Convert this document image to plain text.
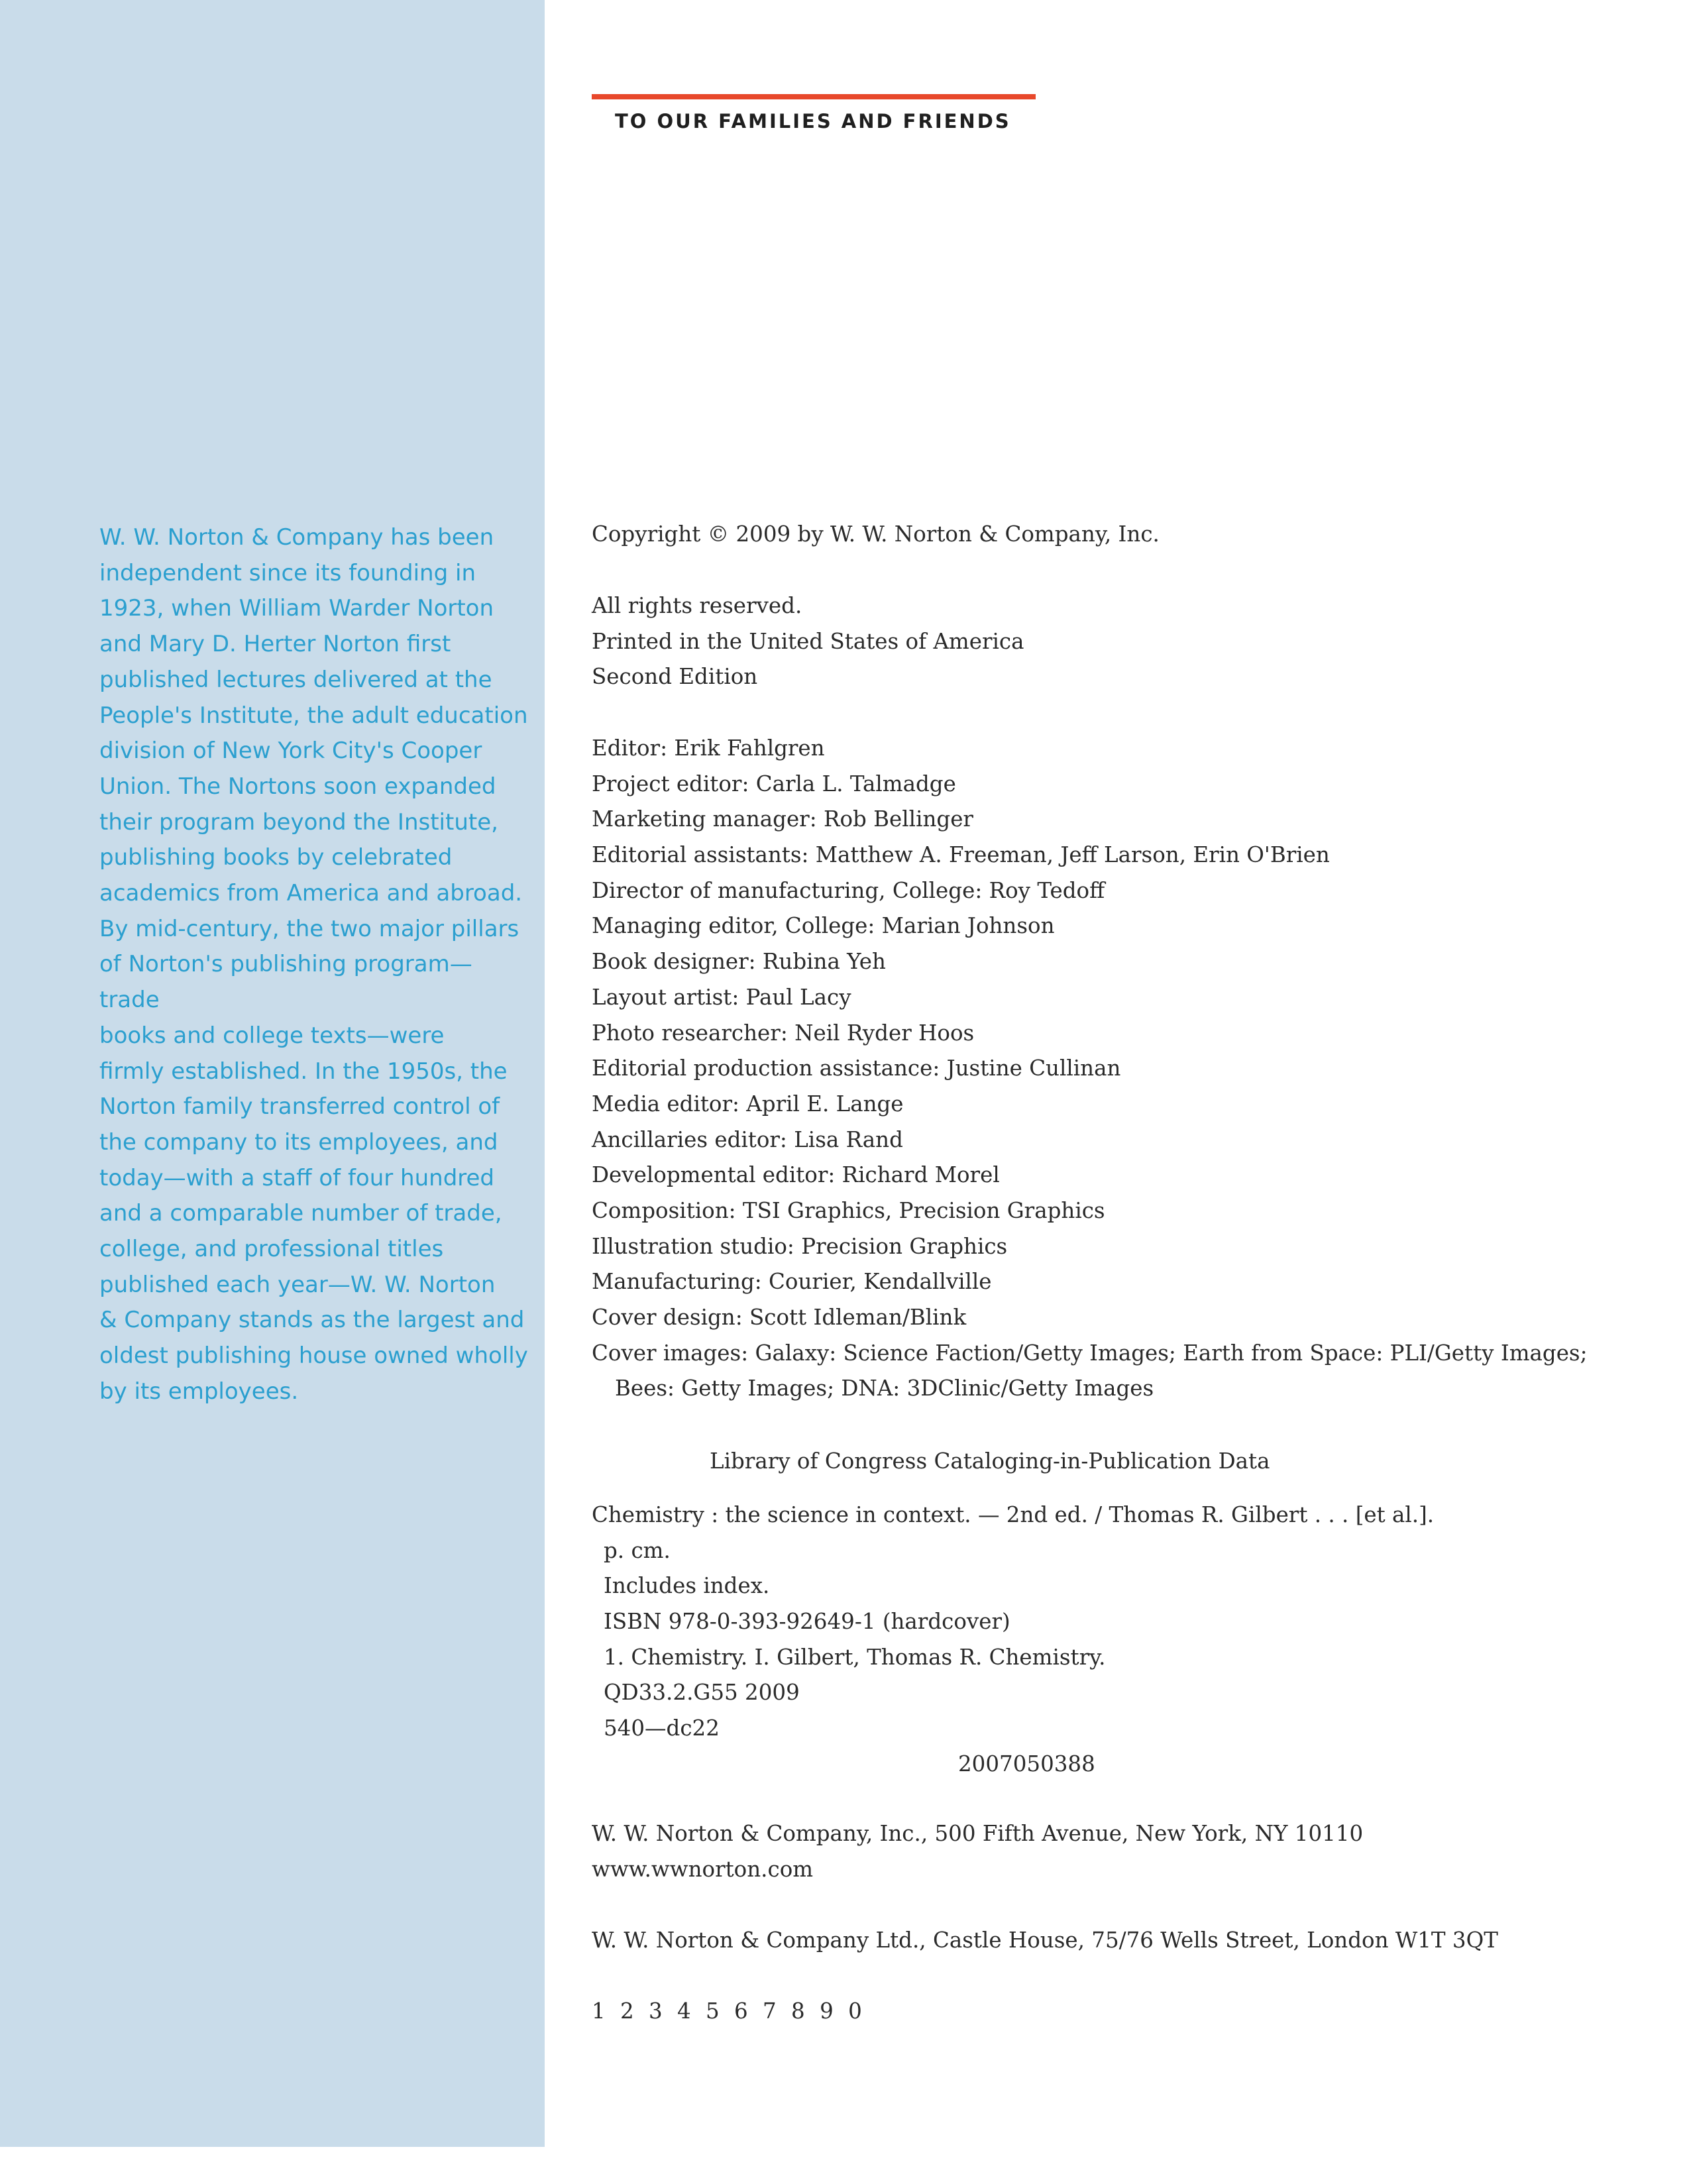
W. W. Norton & Company has been
independent since its founding in
1923, when William Warder Norton
and Mary D. Herter Norton first
published lectures delivered at the
People's Institute, the adult education
division of New York City's Cooper
Union. The Nortons soon expanded
their program beyond the Institute,
publishing books by celebrated
academics from America and abroad.
By mid-century, the two major pillars
of Norton's publishing program—trade
books and college texts—were
firmly established. In the 1950s, the
Norton family transferred control of
the company to its employees, and
today—with a staff of four hundred
and a comparable number of trade,
college, and professional titles
published each year—W. W. Norton
& Company stands as the largest and
oldest publishing house owned wholly
by its employees.

TO OUR FAMILIES AND FRIENDS
Copyright © 2009 by W. W. Norton & Company, Inc.
All rights reserved.
Printed in the United States of America
Second Edition
Editor: Erik Fahlgren
Project editor: Carla L. Talmadge
Marketing manager: Rob Bellinger
Editorial assistants: Matthew A. Freeman, Jeff Larson, Erin O'Brien
Director of manufacturing, College: Roy Tedoff
Managing editor, College: Marian Johnson
Book designer: Rubina Yeh
Layout artist: Paul Lacy
Photo researcher: Neil Ryder Hoos
Editorial production assistance: Justine Cullinan
Media editor: April E. Lange
Ancillaries editor: Lisa Rand
Developmental editor: Richard Morel
Composition: TSI Graphics, Precision Graphics
Illustration studio: Precision Graphics
Manufacturing: Courier, Kendallville
Cover design: Scott Idleman/Blink
Cover images: Galaxy: Science Faction/Getty Images; Earth from Space: PLI/Getty Images;
Bees: Getty Images; DNA: 3DClinic/Getty Images
Library of Congress Cataloging-in-Publication Data
Chemistry : the science in context. — 2nd ed. / Thomas R. Gilbert . . . [et al.].
p. cm.
Includes index.
ISBN 978-0-393-92649-1 (hardcover)
1. Chemistry. I. Gilbert, Thomas R. Chemistry.
QD33.2.G55 2009
540—dc22
2007050388
W. W. Norton & Company, Inc., 500 Fifth Avenue, New York, NY 10110
www.wwnorton.com
W. W. Norton & Company Ltd., Castle House, 75/76 Wells Street, London W1T 3QT
1 2 3 4 5 6 7 8 9 0
